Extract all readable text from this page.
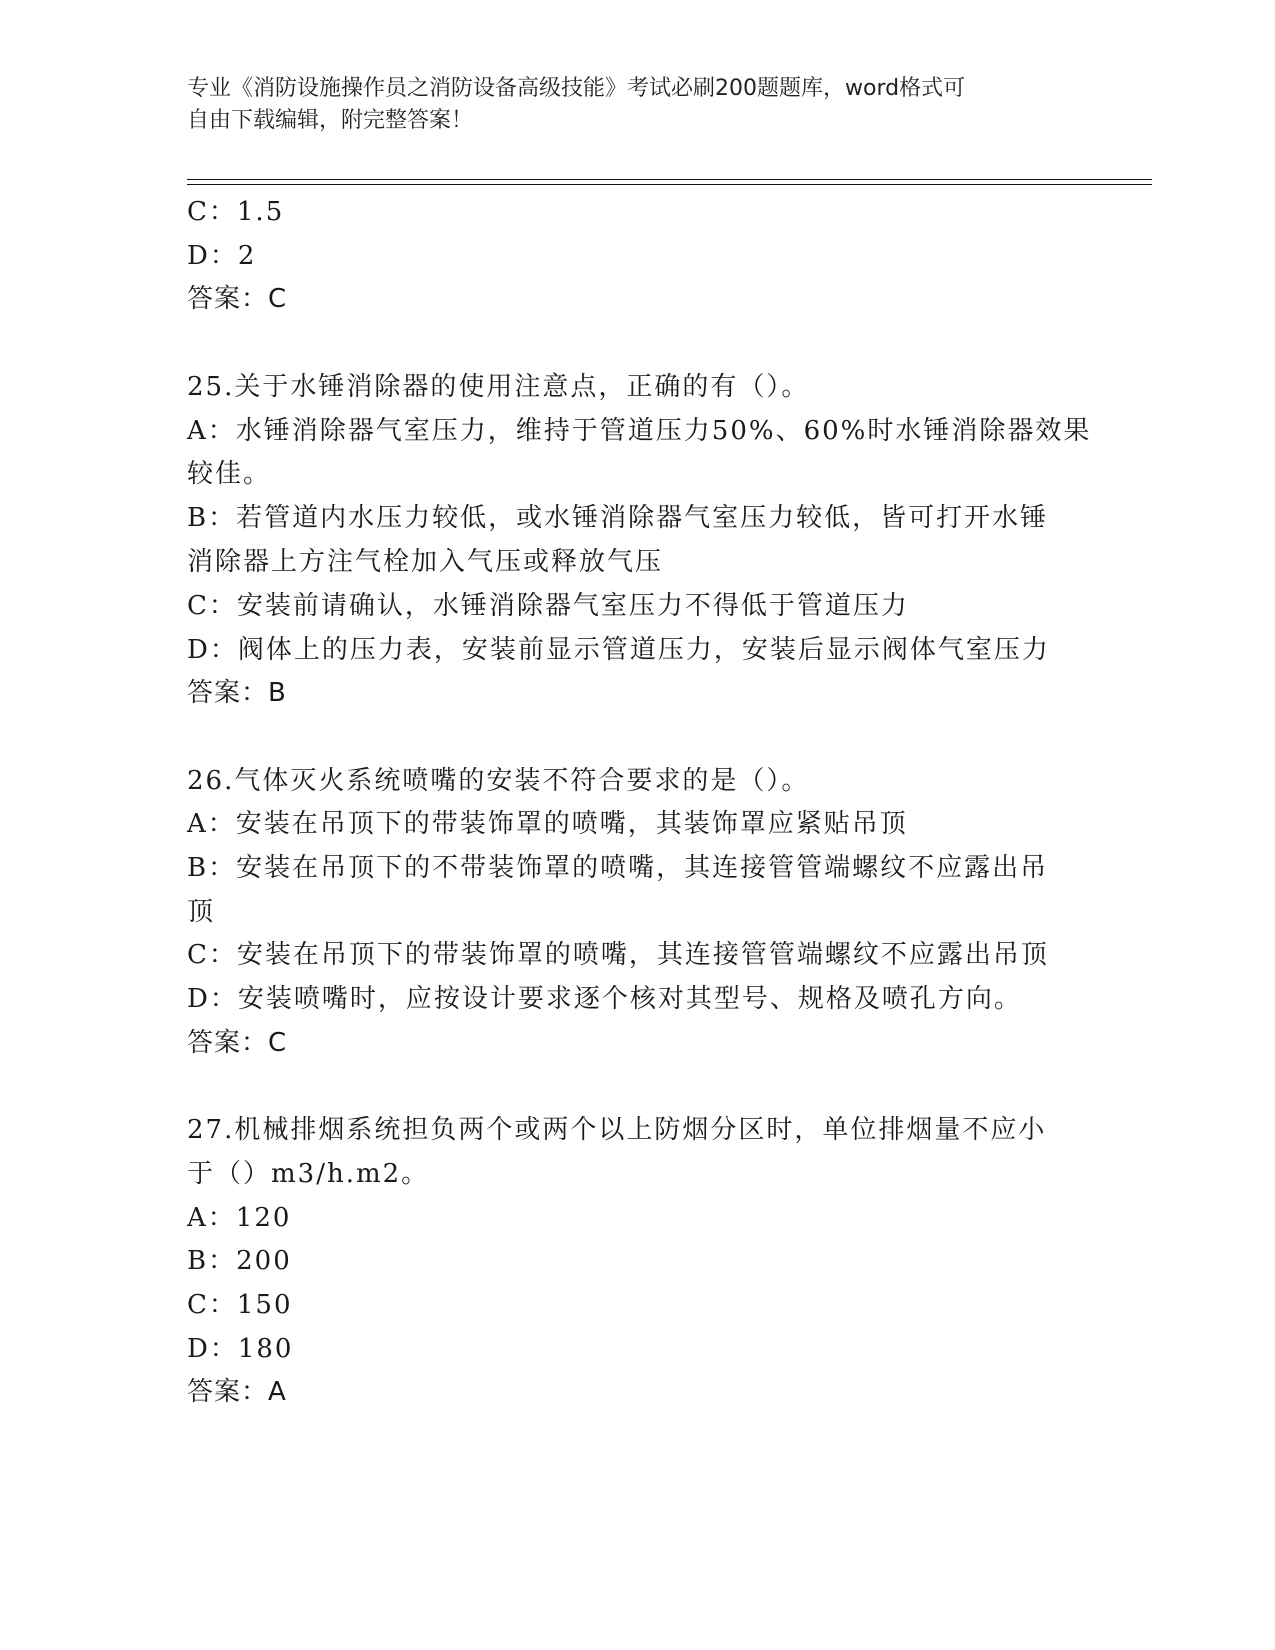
专业《消防设施操作员之消防设备高级技能》考试必刷200题题库，word格式可
自由下载编辑，附完整答案！
C：1.5
D：2
答案：C
25.关于水锤消除器的使用注意点，正确的有（）。
A：水锤消除器气室压力，维持于管道压力50%、60%时水锤消除器效果
较佳。
B：若管道内水压力较低，或水锤消除器气室压力较低，皆可打开水锤
消除器上方注气栓加入气压或释放气压
C：安装前请确认，水锤消除器气室压力不得低于管道压力
D：阀体上的压力表，安装前显示管道压力，安装后显示阀体气室压力
答案：B
26.气体灭火系统喷嘴的安装不符合要求的是（）。
A：安装在吊顶下的带装饰罩的喷嘴，其装饰罩应紧贴吊顶
B：安装在吊顶下的不带装饰罩的喷嘴，其连接管管端螺纹不应露出吊
顶
C：安装在吊顶下的带装饰罩的喷嘴，其连接管管端螺纹不应露出吊顶
D：安装喷嘴时，应按设计要求逐个核对其型号、规格及喷孔方向。
答案：C
27.机械排烟系统担负两个或两个以上防烟分区时，单位排烟量不应小
于（）m3/h.m2。
A：120
B：200
C：150
D：180
答案：A
